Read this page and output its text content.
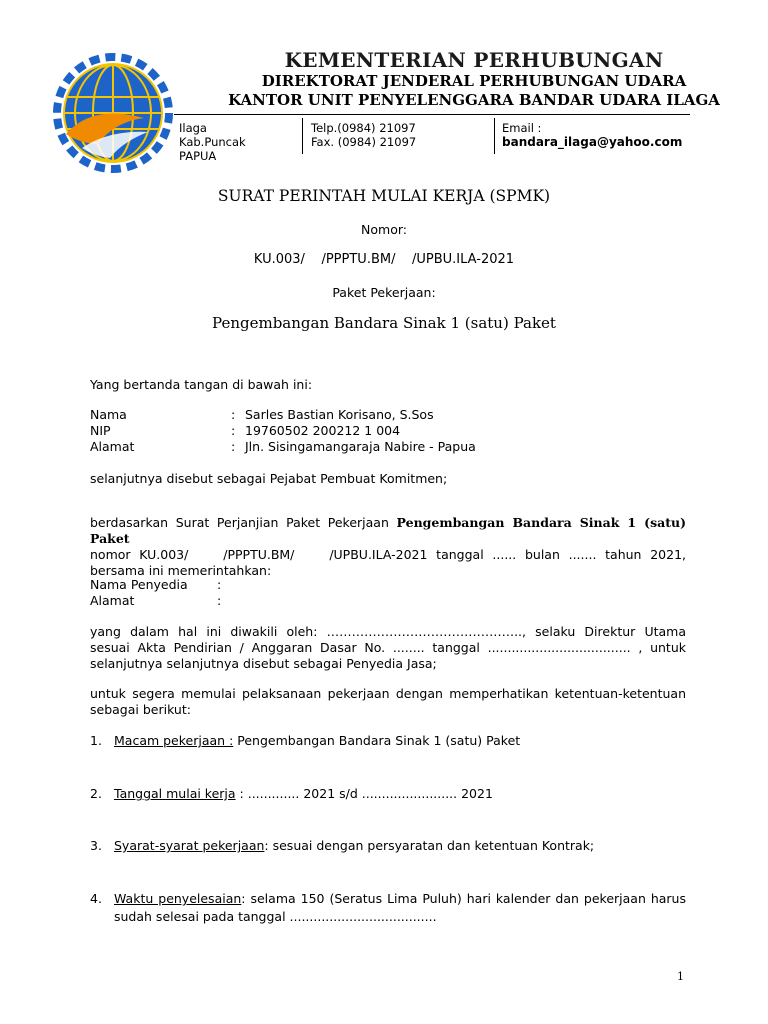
KEMENTERIAN PERHUBUNGAN
DIREKTORAT JENDERAL PERHUBUNGAN UDARA
KANTOR UNIT PENYELENGGARA BANDAR UDARA ILAGA
Ilaga
Kab.Puncak
PAPUA
Telp.(0984) 21097
Fax. (0984) 21097
Email :
bandara_ilaga@yahoo.com
SURAT PERINTAH MULAI KERJA (SPMK)
Nomor:
KU.003/    /PPPTU.BM/    /UPBU.ILA-2021
Paket Pekerjaan:
Pengembangan Bandara Sinak 1 (satu) Paket
Yang bertanda tangan di bawah ini:
Nama	: Sarles Bastian Korisano, S.Sos
NIP	: 19760502 200212 1 004
Alamat	: Jln. Sisingamangaraja Nabire - Papua
selanjutnya disebut sebagai Pejabat Pembuat Komitmen;
berdasarkan Surat Perjanjian Paket Pekerjaan Pengembangan Bandara Sinak 1 (satu) Paket
nomor KU.003/    /PPPTU.BM/    /UPBU.ILA-2021 tanggal ...... bulan ....... tahun 2021,
bersama ini memerintahkan:
Nama Penyedia :
Alamat	:
yang dalam hal ini diwakili oleh: ……………………………………….., selaku Direktur Utama
sesuai Akta Pendirian / Anggaran Dasar No. ........ tanggal .................................... , untuk
selanjutnya selanjutnya disebut sebagai Penyedia Jasa;
untuk segera memulai pelaksanaan pekerjaan dengan memperhatikan ketentuan-ketentuan
sebagai berikut:
1. Macam pekerjaan : Pengembangan Bandara Sinak 1 (satu) Paket
2. Tanggal mulai kerja : ............. 2021 s/d ........................ 2021
3. Syarat-syarat pekerjaan: sesuai dengan persyaratan dan ketentuan Kontrak;
4. Waktu penyelesaian: selama 150 (Seratus Lima Puluh) hari kalender dan pekerjaan harus
sudah selesai pada tanggal .....................................
1
